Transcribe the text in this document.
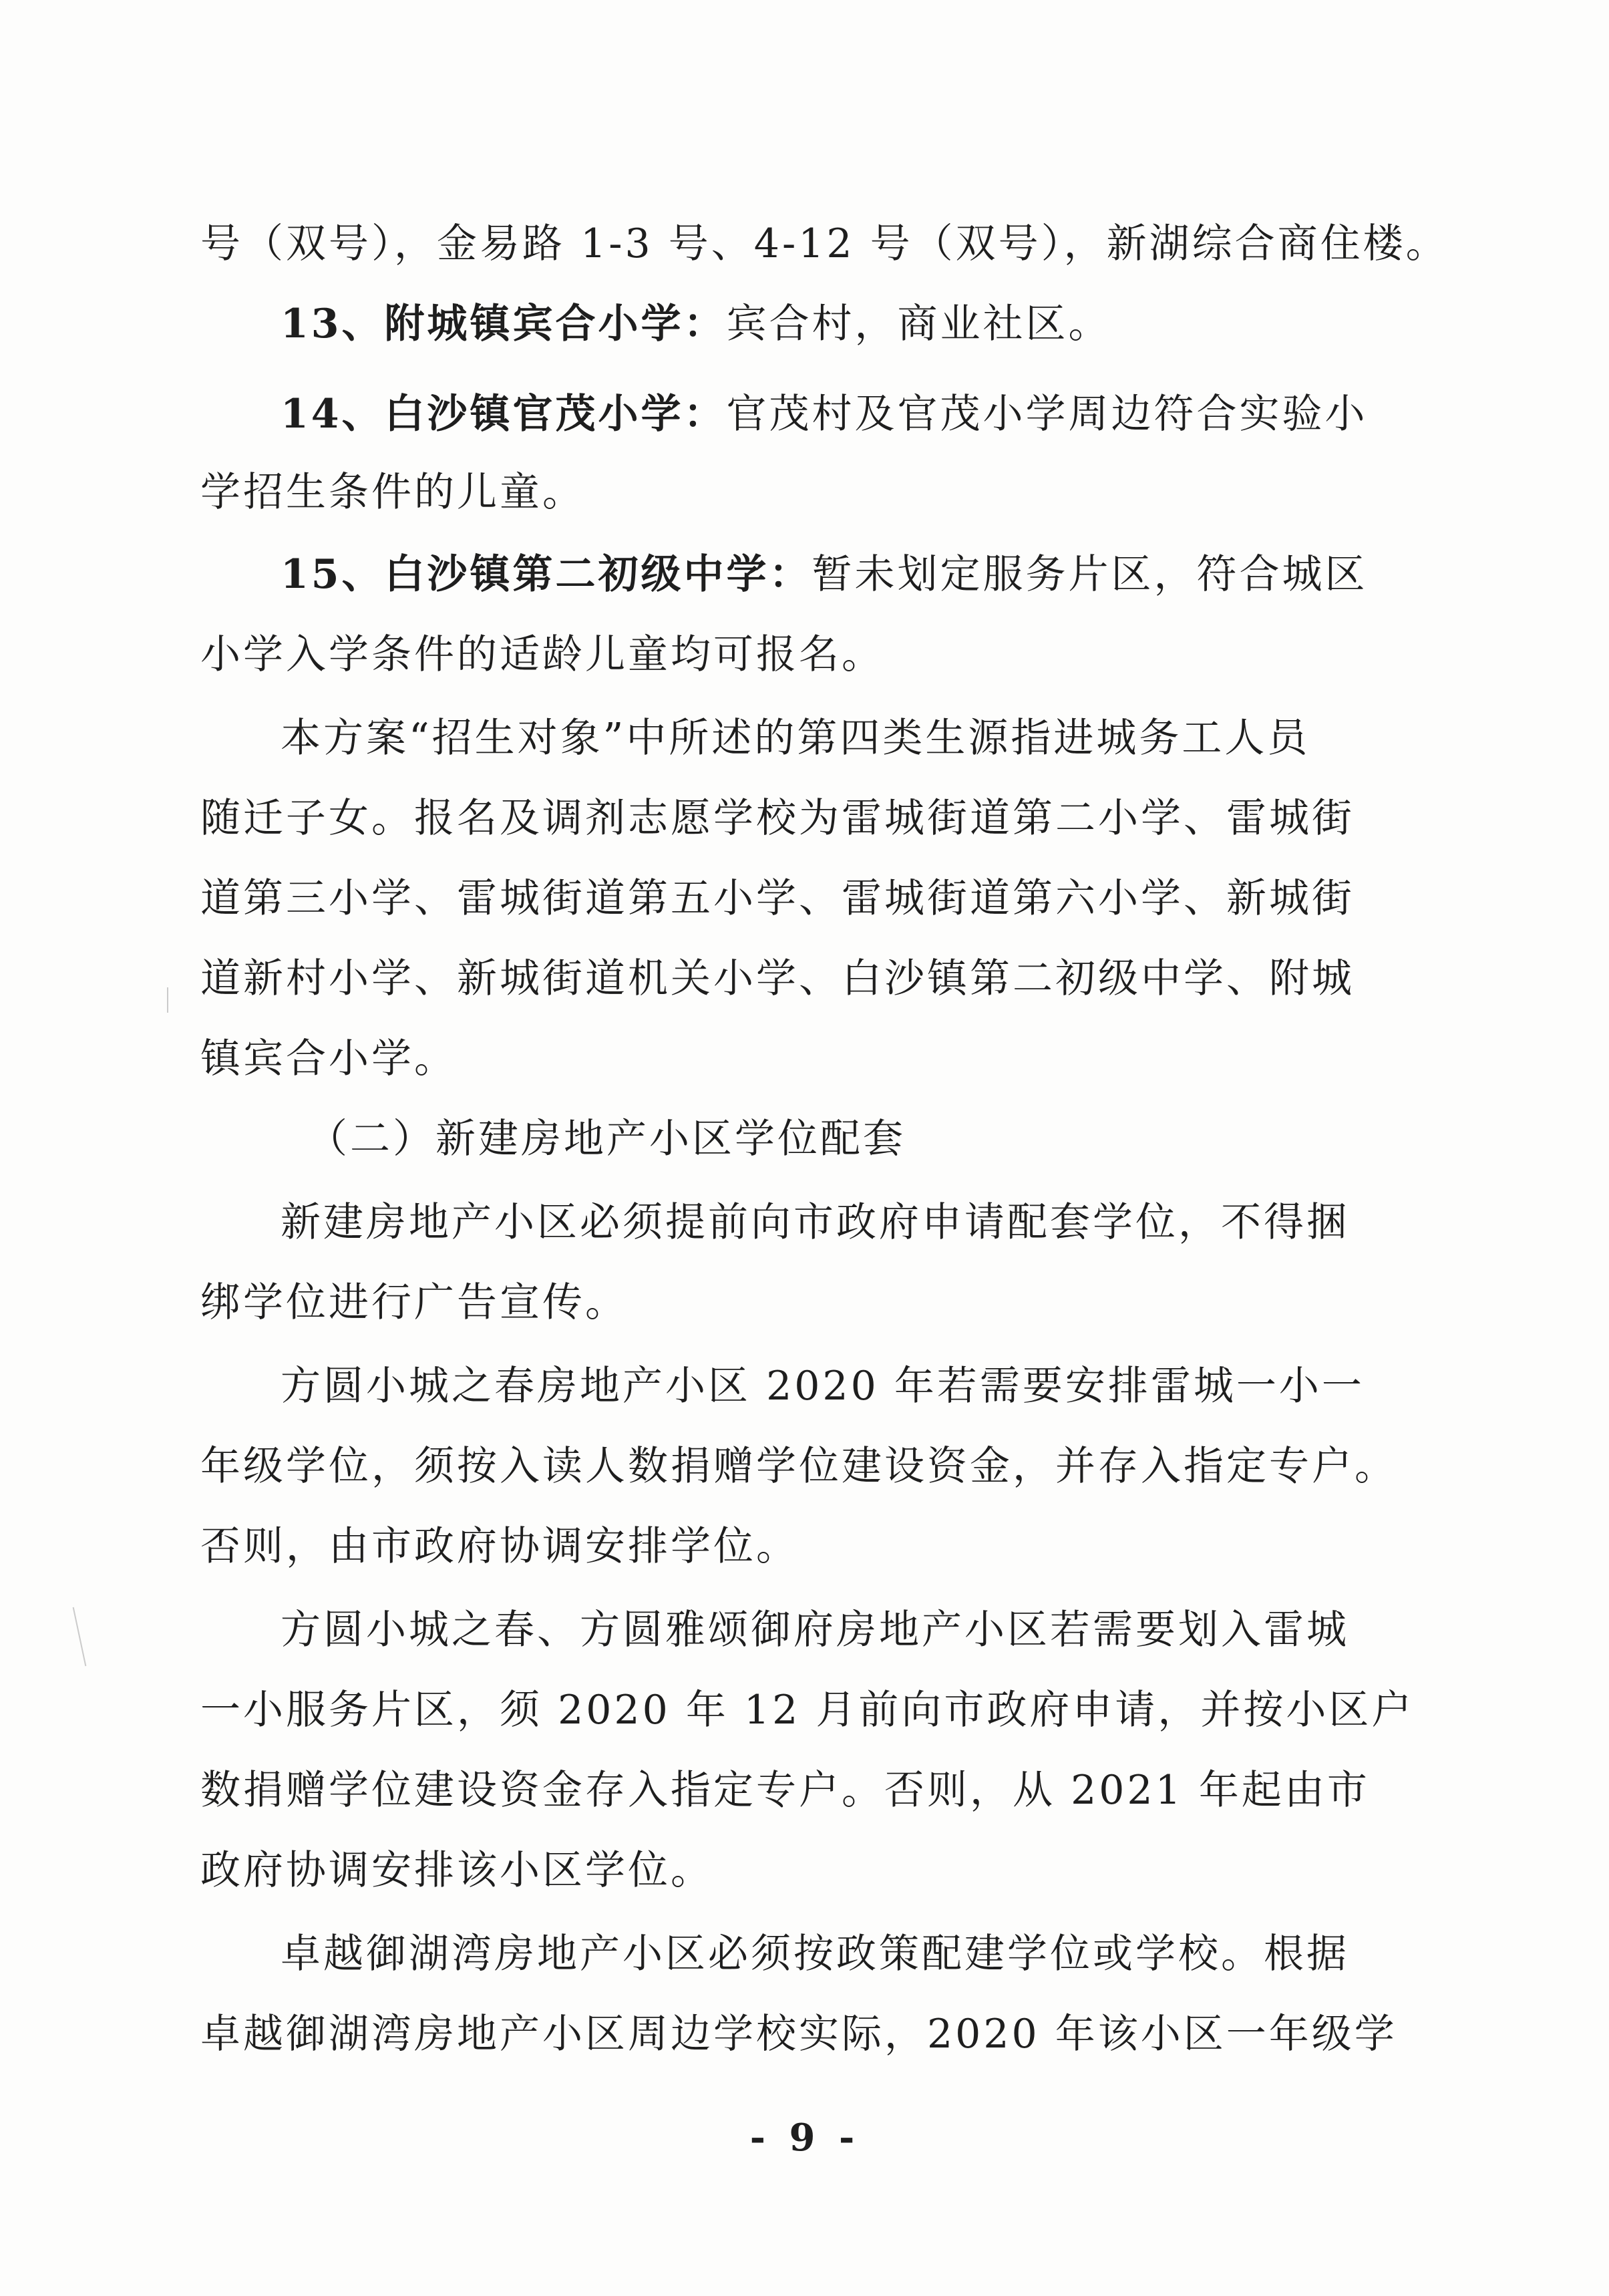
号（双号），金易路 1-3 号、4-12 号（双号），新湖综合商住楼。
13、附城镇宾合小学：宾合村，商业社区。
14、白沙镇官茂小学：官茂村及官茂小学周边符合实验小
学招生条件的儿童。
15、白沙镇第二初级中学：暂未划定服务片区，符合城区
小学入学条件的适龄儿童均可报名。
本方案“招生对象”中所述的第四类生源指进城务工人员
随迁子女。报名及调剂志愿学校为雷城街道第二小学、雷城街
道第三小学、雷城街道第五小学、雷城街道第六小学、新城街
道新村小学、新城街道机关小学、白沙镇第二初级中学、附城
镇宾合小学。
（二）新建房地产小区学位配套
新建房地产小区必须提前向市政府申请配套学位，不得捆
绑学位进行广告宣传。
方圆小城之春房地产小区 2020 年若需要安排雷城一小一
年级学位，须按入读人数捐赠学位建设资金，并存入指定专户。
否则，由市政府协调安排学位。
方圆小城之春、方圆雅颂御府房地产小区若需要划入雷城
一小服务片区，须 2020 年 12 月前向市政府申请，并按小区户
数捐赠学位建设资金存入指定专户。否则，从 2021 年起由市
政府协调安排该小区学位。
卓越御湖湾房地产小区必须按政策配建学位或学校。根据
卓越御湖湾房地产小区周边学校实际，2020 年该小区一年级学
- 9 -
